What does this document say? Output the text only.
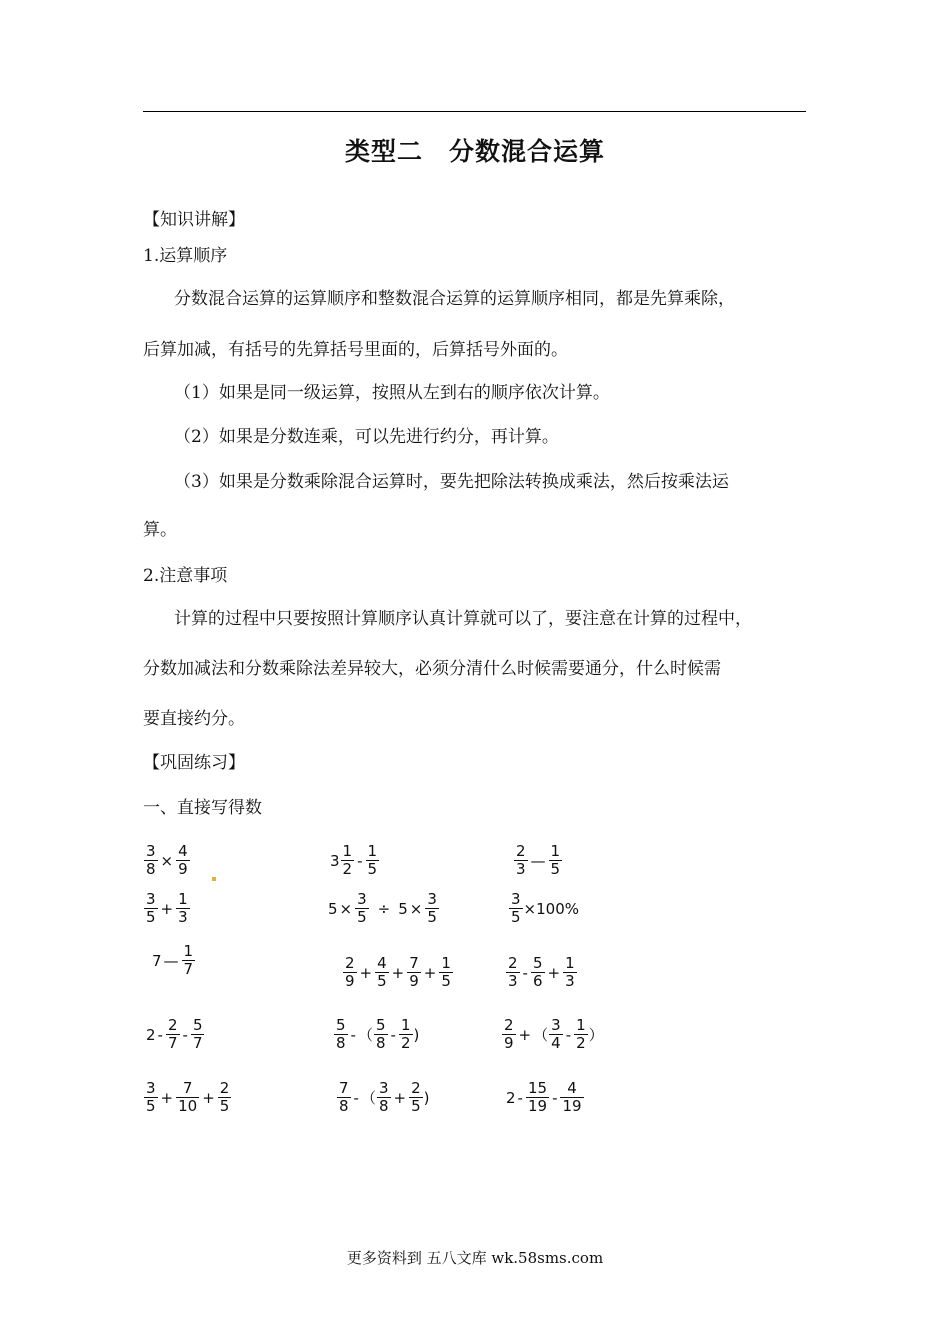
类型二　分数混合运算
【知识讲解】
1.运算顺序
分数混合运算的运算顺序和整数混合运算的运算顺序相同，都是先算乘除，
后算加减，有括号的先算括号里面的，后算括号外面的。
（1）如果是同一级运算，按照从左到右的顺序依次计算。
（2）如果是分数连乘，可以先进行约分，再计算。
（3）如果是分数乘除混合运算时，要先把除法转换成乘法，然后按乘法运
算。
2.注意事项
计算的过程中只要按照计算顺序认真计算就可以了，要注意在计算的过程中，
分数加减法和分数乘除法差异较大，必须分清什么时候需要通分，什么时候需
要直接约分。
【巩固练习】
一、直接写得数
$\frac{3}{8} \times \frac{4}{9}$	$3 \frac{1}{2} - \frac{1}{5}$	$\frac{2}{3}$ — $\frac{1}{5}$
$\frac{3}{5} + \frac{1}{3}$	$5 \times \frac{3}{5} \div 5 \times \frac{3}{5}$	$\frac{3}{5} \times 100\%$
7 — $\frac{1}{7}$	$\frac{2}{9} + \frac{4}{5} + \frac{7}{9} + \frac{1}{5}$	$\frac{2}{3} - \frac{5}{6} + \frac{1}{3}$
$2 - \frac{2}{7} - \frac{5}{7}$	$\frac{5}{8}$ - （ $\frac{5}{8} - \frac{1}{2}$ )	$\frac{2}{9}$ + （ $\frac{3}{4} - \frac{1}{2}$ ）
$\frac{3}{5} + \frac{7}{10} + \frac{2}{5}$	$\frac{7}{8}$ - （ $\frac{3}{8} + \frac{2}{5}$ )	$2 - \frac{15}{19} - \frac{4}{19}$
更多资料到 五八文库 wk.58sms.com
